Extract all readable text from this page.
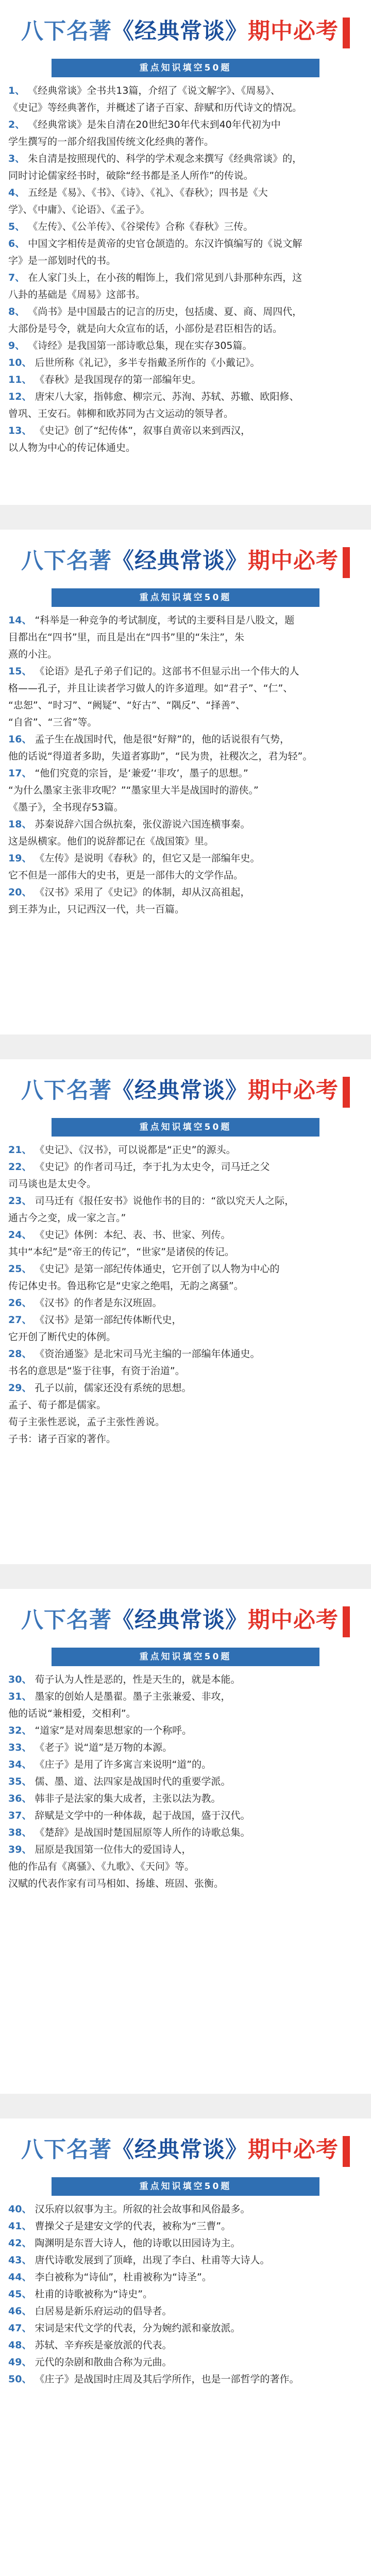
八下名著《经典常谈》期中必考
重点知识填空50题
1、 《经典常谈》全书共13篇，介绍了《说文解字》、《周易》、
《史记》等经典著作，并概述了诸子百家、辞赋和历代诗文的情况。
2、 《经典常谈》是朱自清在20世纪30年代末到40年代初为中
学生撰写的一部介绍我国传统文化经典的著作。
3、 朱自清是按照现代的、科学的学术观念来撰写《经典常谈》的，
同时讨论儒家经书时，破除“经书都是圣人所作”的传说。
4、 五经是《易》、《书》、《诗》、《礼》、《春秋》；四书是《大
学》、《中庸》、《论语》、《孟子》。
5、 《左传》、《公羊传》、《谷梁传》合称《春秋》三传。
6、 中国文字相传是黄帝的史官仓颉造的。东汉许慎编写的《说文解
字》是一部划时代的书。
7、 在人家门头上，在小孩的帽饰上，我们常见到八卦那种东西，这
八卦的基础是《周易》这部书。
8、 《尚书》是中国最古的记言的历史，包括虞、夏、商、周四代，
大部份是号令，就是向大众宣布的话，小部份是君臣相告的话。
9、 《诗经》是我国第一部诗歌总集，现在实存305篇。
10、 后世所称《礼记》，多半专指戴圣所作的《小戴记》。
11、 《春秋》是我国现存的第一部编年史。
12、 唐宋八大家，指韩愈、柳宗元、苏洵、苏轼、苏辙、欧阳修、
曾巩、王安石。韩柳和欧苏同为古文运动的领导者。
13、 《史记》创了“纪传体”，叙事自黄帝以来到西汉，
以人物为中心的传记体通史。
八下名著《经典常谈》期中必考
重点知识填空50题
14、 “科举是一种竞争的考试制度，考试的主要科目是八股文，题
目都出在“四书”里，而且是出在“四书”里的“朱注”，朱
熹的小注。
15、 《论语》是孔子弟子们记的。这部书不但显示出一个伟大的人
格——孔子，并且让读者学习做人的许多道理。如“君子”、“仁”、
“忠恕”、“时习”、“阙疑”、“好古”、“隅反”、“择善”、
“自省”、“三省”等。
16、 孟子生在战国时代，他是很“好辩”的，他的话说很有气势，
他的话说“得道者多助，失道者寡助”，“民为贵，社稷次之，君为轻”。
17、 “他们究竟的宗旨，是‘兼爱’‘非攻’，墨子的思想。”
“为什么墨家主张非攻呢？”“墨家里大半是战国时的游侠。”
《墨子》，全书现存53篇。
18、 苏秦说辞六国合纵抗秦，张仪游说六国连横事秦。
这是纵横家。他们的说辞都记在《战国策》里。
19、 《左传》是说明《春秋》的，但它又是一部编年史。
它不但是一部伟大的史书，更是一部伟大的文学作品。
20、 《汉书》采用了《史记》的体制，却从汉高祖起，
到王莽为止，只记西汉一代，共一百篇。
八下名著《经典常谈》期中必考
重点知识填空50题
21、 《史记》、《汉书》，可以说都是“正史”的源头。
22、 《史记》的作者司马迁，李于扎为太史令，司马迁之父
司马谈也是太史令。
23、 司马迁有《报任安书》说他作书的目的：“欲以究天人之际，
通古今之变，成一家之言。”
24、 《史记》体例：本纪、表、书、世家、列传。
其中“本纪”是“帝王的传记”，“世家”是诸侯的传记。
25、 《史记》是第一部纪传体通史，它开创了以人物为中心的
传记体史书。鲁迅称它是“史家之绝唱，无韵之离骚”。
26、 《汉书》的作者是东汉班固。
27、 《汉书》是第一部纪传体断代史，
它开创了断代史的体例。
28、 《资治通鉴》是北宋司马光主编的一部编年体通史。
书名的意思是“鉴于往事，有资于治道”。
29、 孔子以前，儒家还没有系统的思想。
孟子、荀子都是儒家。
荀子主张性恶说，孟子主张性善说。
子书：诸子百家的著作。
八下名著《经典常谈》期中必考
重点知识填空50题
30、 荀子认为人性是恶的，性是天生的，就是本能。
31、 墨家的创始人是墨翟。墨子主张兼爱、非攻，
他的话说“兼相爱，交相利”。
32、 “道家”是对周秦思想家的一个称呼。
33、 《老子》说“道”是万物的本源。
34、 《庄子》是用了许多寓言来说明“道”的。
35、 儒、墨、道、法四家是战国时代的重要学派。
36、 韩非子是法家的集大成者，主张以法为教。
37、 辞赋是文学中的一种体裁，起于战国，盛于汉代。
38、 《楚辞》是战国时楚国屈原等人所作的诗歌总集。
39、 屈原是我国第一位伟大的爱国诗人，
他的作品有《离骚》、《九歌》、《天问》等。
汉赋的代表作家有司马相如、扬雄、班固、张衡。
八下名著《经典常谈》期中必考
重点知识填空50题
40、 汉乐府以叙事为主。所叙的社会故事和风俗最多。
41、 曹操父子是建安文学的代表，被称为“三曹”。
42、 陶渊明是东晋大诗人，他的诗歌以田园诗为主。
43、 唐代诗歌发展到了顶峰，出现了李白、杜甫等大诗人。
44、 李白被称为“诗仙”，杜甫被称为“诗圣”。
45、 杜甫的诗歌被称为“诗史”。
46、 白居易是新乐府运动的倡导者。
47、 宋词是宋代文学的代表，分为婉约派和豪放派。
48、 苏轼、辛弃疾是豪放派的代表。
49、 元代的杂剧和散曲合称为元曲。
50、 《庄子》是战国时庄周及其后学所作，也是一部哲学的著作。
